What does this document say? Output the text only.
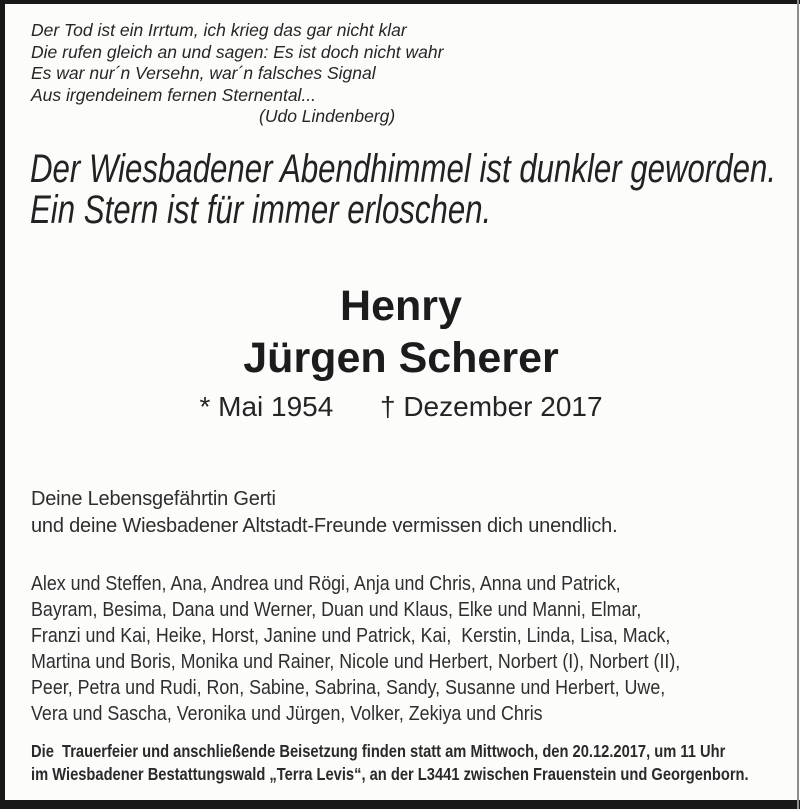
Der Tod ist ein Irrtum, ich krieg das gar nicht klar
Die rufen gleich an und sagen: Es ist doch nicht wahr
Es war nur´n Versehn, war´n falsches Signal
Aus irgendeinem fernen Sternental...
(Udo Lindenberg)
Der Wiesbadener Abendhimmel ist dunkler geworden.
Ein Stern ist für immer erloschen.
Henry
Jürgen Scherer
* Mai 1954      † Dezember 2017
Deine Lebensgefährtin Gerti
und deine Wiesbadener Altstadt-Freunde vermissen dich unendlich.
Alex und Steffen, Ana, Andrea und Rögi, Anja und Chris, Anna und Patrick,
Bayram, Besima, Dana und Werner, Duan und Klaus, Elke und Manni, Elmar,
Franzi und Kai, Heike, Horst, Janine und Patrick, Kai,  Kerstin, Linda, Lisa, Mack,
Martina und Boris, Monika und Rainer, Nicole und Herbert, Norbert (I), Norbert (II),
Peer, Petra und Rudi, Ron, Sabine, Sabrina, Sandy, Susanne und Herbert, Uwe,
Vera und Sascha, Veronika und Jürgen, Volker, Zekiya und Chris
Die  Trauerfeier und anschließende Beisetzung finden statt am Mittwoch, den 20.12.2017, um 11 Uhr
im Wiesbadener Bestattungswald „Terra Levis“, an der L3441 zwischen Frauenstein und Georgenborn.
